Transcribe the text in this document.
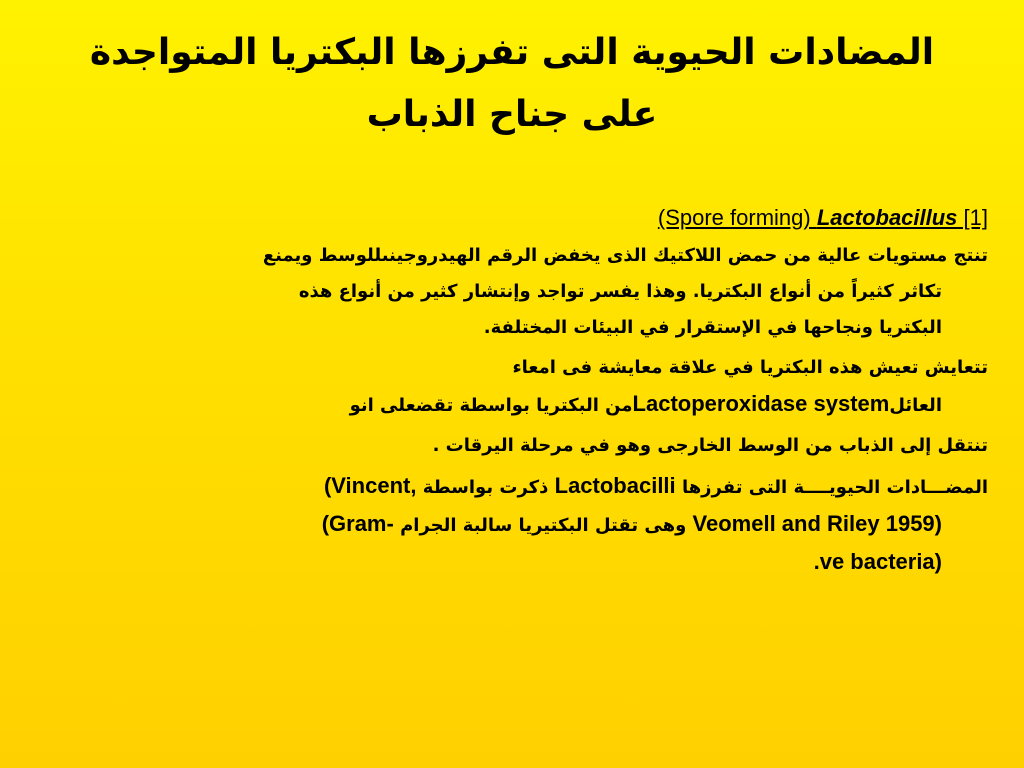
المضادات الحيوية التى تفرزها البكتريا المتواجدة
على جناح الذباب
(Spore forming) Lactobacillus [1]
تنتج مستويات عالية من حمض اللاكتيك الذى يخفض الرقم الهيدروجينىللوسط ويمنع
تكاثر كثيراً من أنواع البكتريا. وهذا يفسر تواجد وإنتشار كثير من أنواع هذه
البكتريا ونجاحها في الإستقرار في البيئات المختلفة.
تتعايش تعيش هذه البكتريا في علاقة معايشة فى امعاء
العائلLactoperoxidase systemمن البكتريا بواسطة تقضعلى انو
تنتقل إلى الذباب من الوسط الخارجى وهو في مرحلة اليرقات .
المضـــادات الحيويــــة التى تفرزها Lactobacilli ذكرت بواسطة (Vincent,
Veomell and Riley 1959) وهى تقتل البكتيريا سالبة الجرام (Gram-
.ve bacteria)
